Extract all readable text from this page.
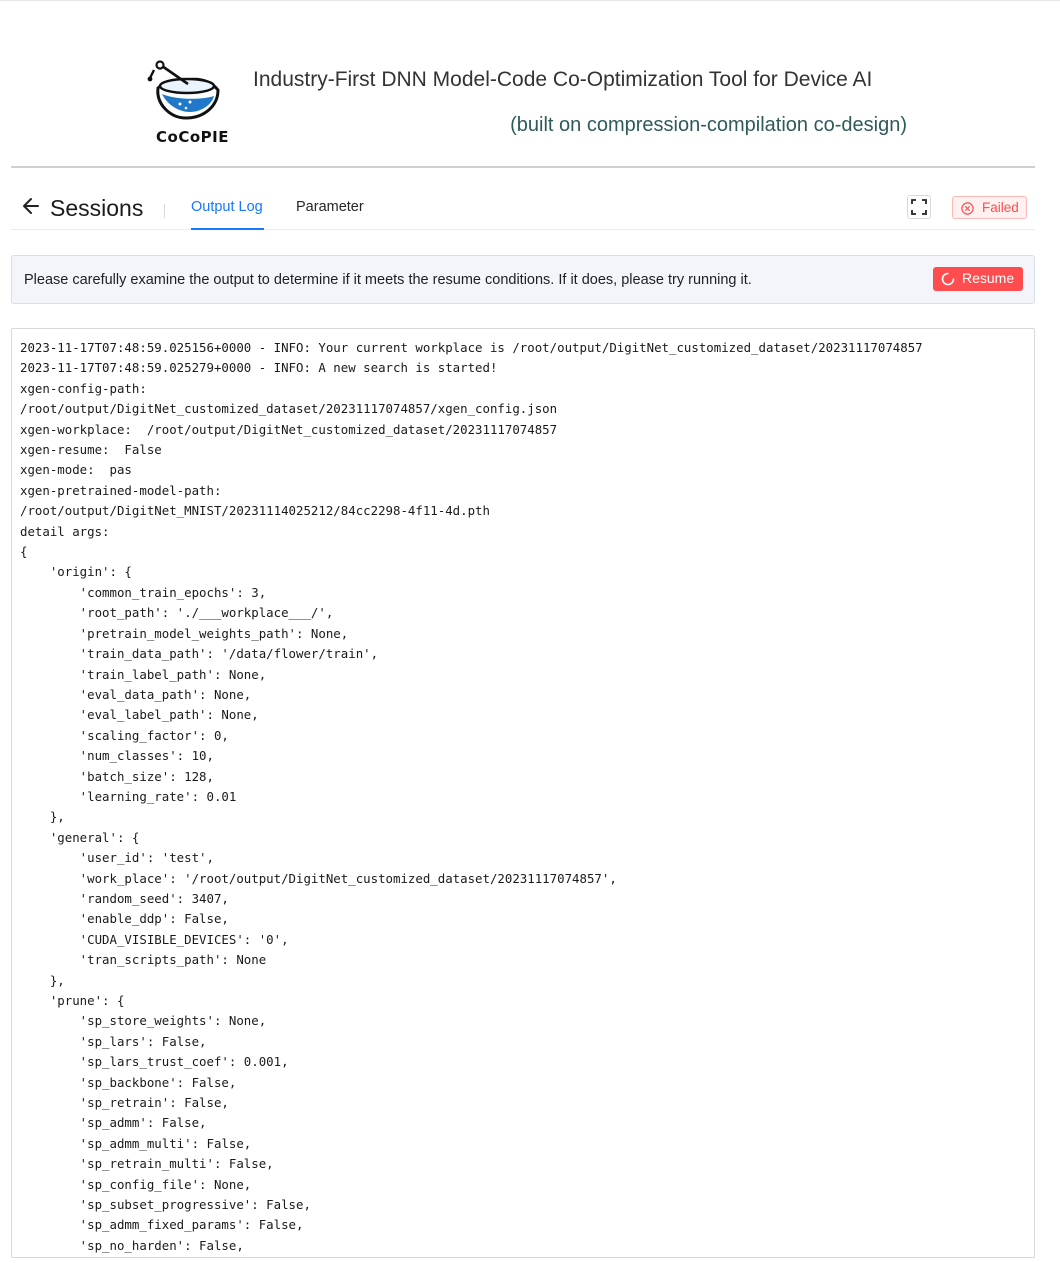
CoCoPIE
Industry-First DNN Model-Code Co-Optimization Tool for Device AI
(built on compression-compilation co-design)
Sessions	Output Log Parameter	Failed
Please carefully examine the output to determine if it meets the resume conditions. If it does, please try running it.	Resume
2023-11-17T07:48:59.025156+0000 - INFO: Your current workplace is /root/output/DigitNet_customized_dataset/20231117074857
2023-11-17T07:48:59.025279+0000 - INFO: A new search is started!
xgen-config-path:
/root/output/DigitNet_customized_dataset/20231117074857/xgen_config.json
xgen-workplace:  /root/output/DigitNet_customized_dataset/20231117074857
xgen-resume:  False
xgen-mode:  pas
xgen-pretrained-model-path:
/root/output/DigitNet_MNIST/20231114025212/84cc2298-4f11-4d.pth
detail args:
{
'origin': {
'common_train_epochs': 3,
'root_path': './___workplace___/',
'pretrain_model_weights_path': None,
'train_data_path': '/data/flower/train',
'train_label_path': None,
'eval_data_path': None,
'eval_label_path': None,
'scaling_factor': 0,
'num_classes': 10,
'batch_size': 128,
'learning_rate': 0.01
},
'general': {
'user_id': 'test',
'work_place': '/root/output/DigitNet_customized_dataset/20231117074857',
'random_seed': 3407,
'enable_ddp': False,
'CUDA_VISIBLE_DEVICES': '0',
'tran_scripts_path': None
},
'prune': {
'sp_store_weights': None,
'sp_lars': False,
'sp_lars_trust_coef': 0.001,
'sp_backbone': False,
'sp_retrain': False,
'sp_admm': False,
'sp_admm_multi': False,
'sp_retrain_multi': False,
'sp_config_file': None,
'sp_subset_progressive': False,
'sp_admm_fixed_params': False,
'sp_no_harden': False,
